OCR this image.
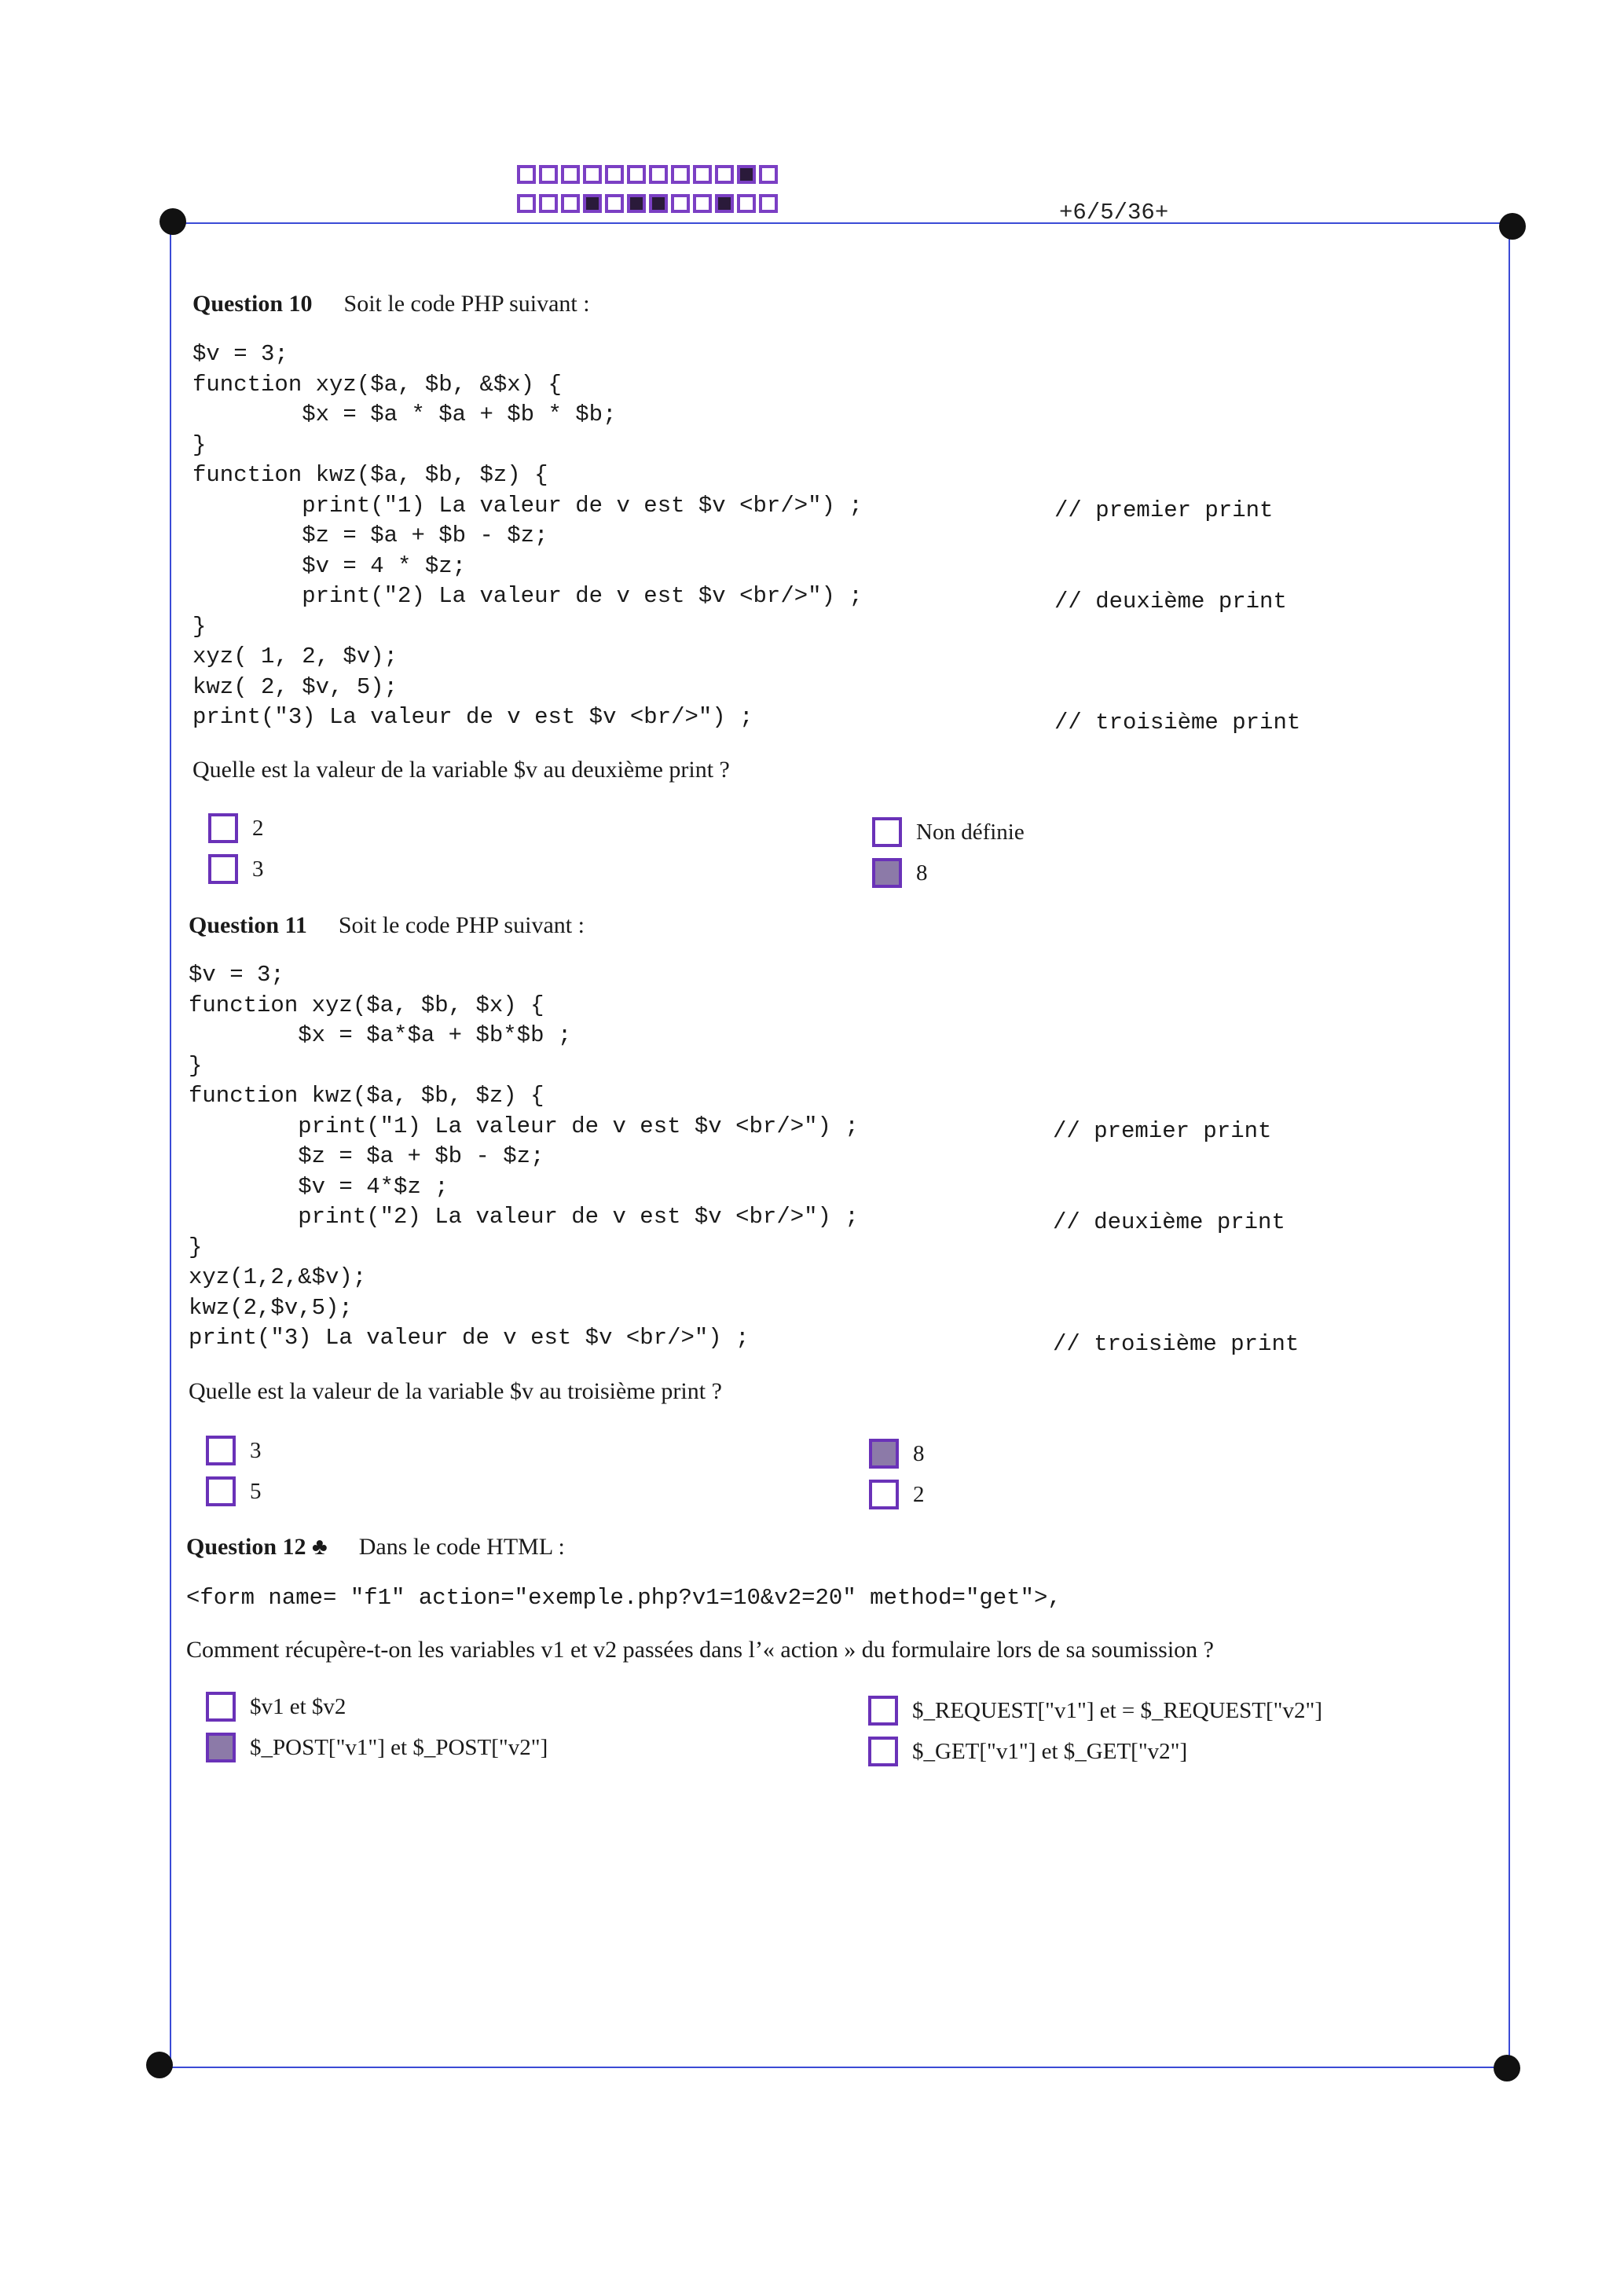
+6/5/36+
Question 10 Soit le code PHP suivant :
$v = 3;
function xyz($a, $b, &$x) {
$x = $a * $a + $b * $b;
}
function kwz($a, $b, $z) {
print("1) La valeur de v est $v <br/>") ;
$z = $a + $b - $z;
$v = 4 * $z;
print("2) La valeur de v est $v <br/>") ;
}
xyz( 1, 2, $v);
kwz( 2, $v, 5);
print("3) La valeur de v est $v <br/>") ;
// premier print
// deuxième print
// troisième print
Quelle est la valeur de la variable $v au deuxième print ?
2
3
Non définie
8
Question 11 Soit le code PHP suivant :
$v = 3;
function xyz($a, $b, $x) {
$x = $a*$a + $b*$b ;
}
function kwz($a, $b, $z) {
print("1) La valeur de v est $v <br/>") ;
$z = $a + $b - $z;
$v = 4*$z ;
print("2) La valeur de v est $v <br/>") ;
}
xyz(1,2,&$v);
kwz(2,$v,5);
print("3) La valeur de v est $v <br/>") ;
// premier print
// deuxième print
// troisième print
Quelle est la valeur de la variable $v au troisième print ?
3
5
8
2
Question 12 ♣ Dans le code HTML :
<form name= "f1" action="exemple.php?v1=10&v2=20" method="get">,
Comment récupère-t-on les variables v1 et v2 passées dans l’« action » du formulaire lors de sa soumission ?
$v1 et $v2
$_POST["v1"] et $_POST["v2"]
$_REQUEST["v1"] et = $_REQUEST["v2"]
$_GET["v1"] et $_GET["v2"]
